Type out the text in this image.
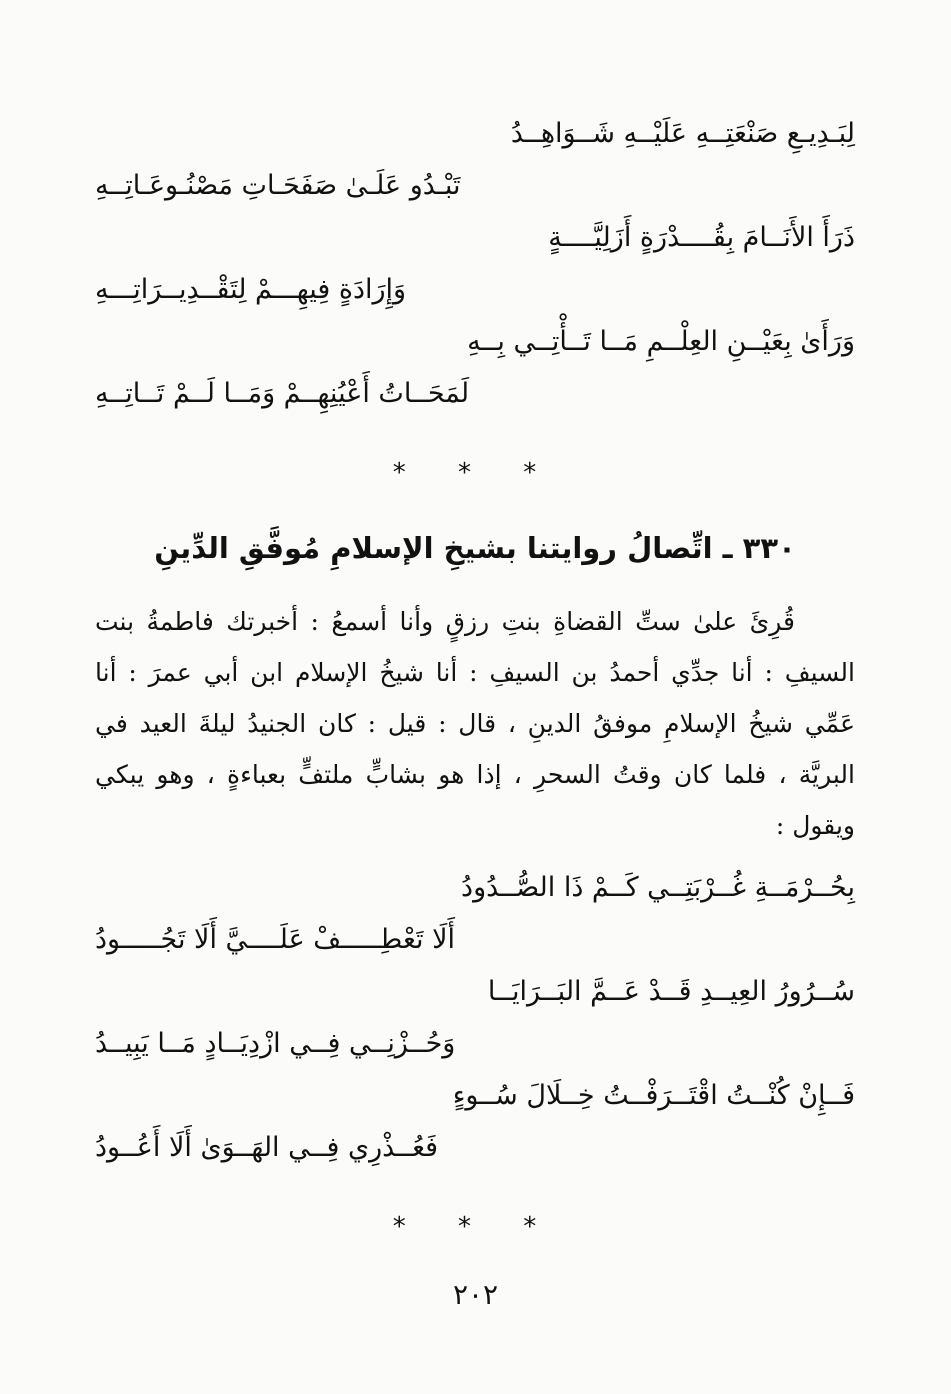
لِبَـدِيـعِ صَنْعَتِــهِ عَلَيْــهِ شَــوَاهِــدُ
تَبْـدُو عَلَـىٰ صَفَحَـاتِ مَصْنُـوعَـاتِــهِ
ذَرَأَ الأَنَــامَ بِقُــــدْرَةٍ أَزَلِيَّــــةٍ
وَإِرَادَةٍ فِيهِـــمْ لِتَقْــدِيــرَاتِـــهِ
وَرَأَىٰ بِعَيْــنِ العِلْــمِ مَــا تَــأْتِــي بِــهِ
لَمَحَــاتُ أَعْيُنِهِــمْ وَمَــا لَــمْ تَــاتِــهِ
* * *
٣٣٠ ـ اتِّصالُ روايتنا بشيخِ الإسلامِ مُوفَّقِ الدِّينِ
قُرِئَ علىٰ ستِّ القضاةِ بنتِ رزقٍ وأنا أسمعُ : أخبرتك فاطمةُ بنت
السيفِ : أنا جدِّي أحمدُ بن السيفِ : أنا شيخُ الإسلام ابن أبي عمرَ : أنا
عَمِّي شيخُ الإسلامِ موفقُ الدينِ ، قال : قيل : كان الجنيدُ ليلةَ العيد في
البريَّة ، فلما كان وقتُ السحرِ ، إذا هو بشابٍّ ملتفٍّ بعباءةٍ ، وهو يبكي
ويقول :
بِحُــرْمَــةِ غُــرْبَتِــي كَــمْ ذَا الصُّــدُودُ
أَلَا تَعْطِـــــفْ عَلَــــيَّ أَلَا تَجُـــــودُ
سُــرُورُ العِيــدِ قَــدْ عَــمَّ البَــرَايَــا
وَحُــزْنِــي فِــي ازْدِيَــادٍ مَــا يَبِيــدُ
فَــإِنْ كُنْــتُ اقْتَــرَفْــتُ خِــلَالَ سُــوءٍ
فَعُــذْرِي فِــي الهَــوَىٰ أَلَا أَعُــودُ
* * *
٢٠٢
